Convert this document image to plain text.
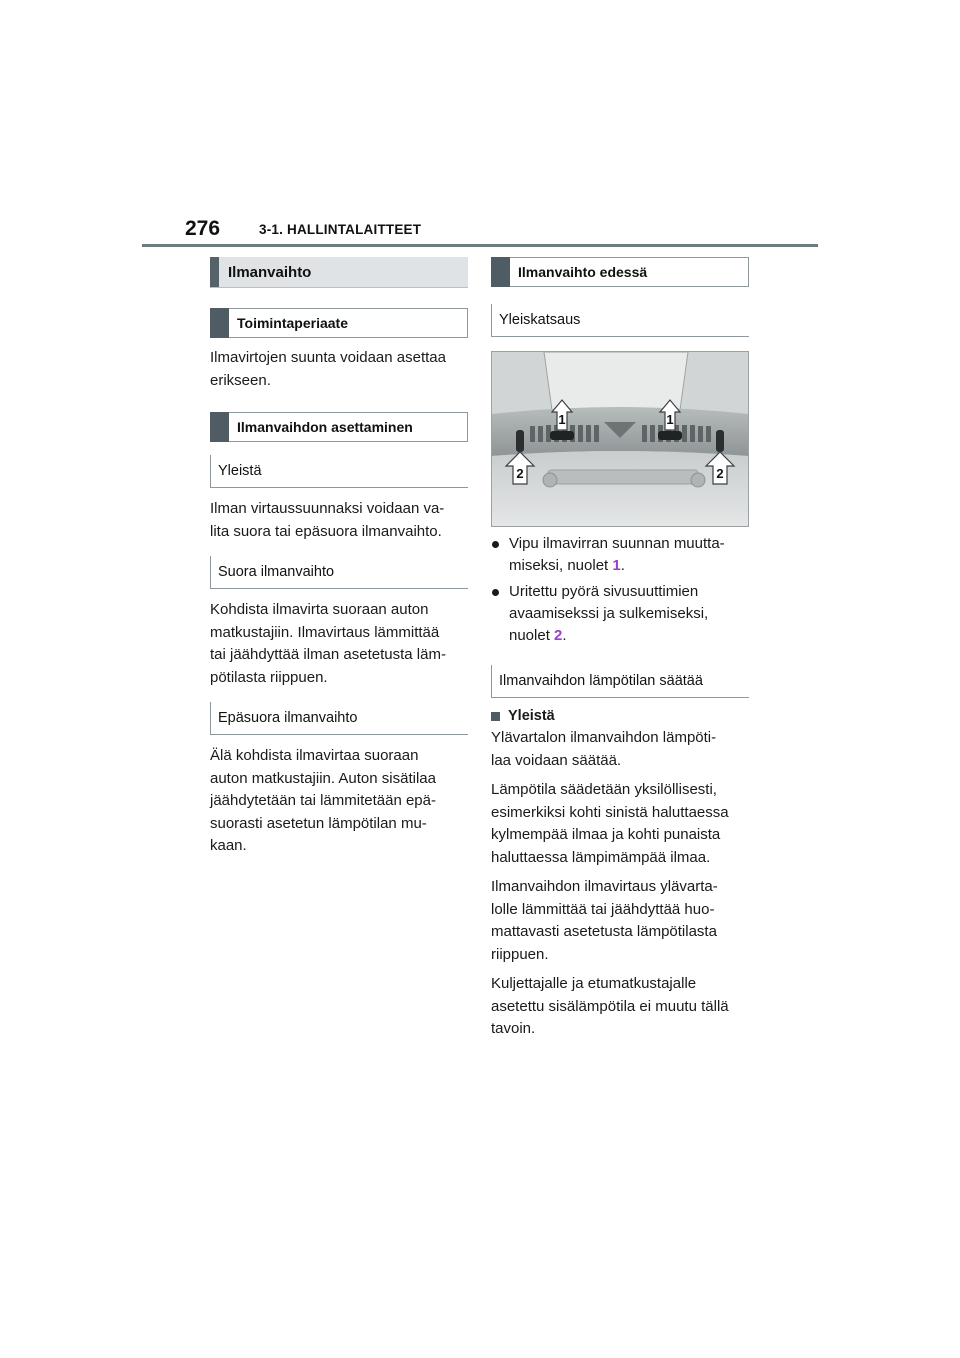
276	3-1. HALLINTALAITTEET
Ilmanvaihto
Toimintaperiaate
Ilmavirtojen suunta voidaan asettaa
erikseen.
Ilmanvaihdon asettaminen
Yleistä
Ilman virtaussuunnaksi voidaan va-
lita suora tai epäsuora ilmanvaihto.
Suora ilmanvaihto
Kohdista ilmavirta suoraan auton
matkustajiin. Ilmavirtaus lämmittää
tai jäähdyttää ilman asetetusta läm-
pötilasta riippuen.
Epäsuora ilmanvaihto
Älä kohdista ilmavirtaa suoraan
auton matkustajiin. Auton sisätilaa
jäähdytetään tai lämmitetään epä-
suorasti asetetun lämpötilan mu-
kaan.
Ilmanvaihto edessä
Yleiskatsaus
1	1
2	2
Vipu ilmavirran suunnan muutta-
miseksi, nuolet 1.
Uritettu pyörä sivusuuttimien
avaamisekssi ja sulkemiseksi,
nuolet 2.
Ilmanvaihdon lämpötilan säätää
Yleistä
Ylävartalon ilmanvaihdon lämpöti-
laa voidaan säätää.
Lämpötila säädetään yksilöllisesti,
esimerkiksi kohti sinistä haluttaessa
kylmempää ilmaa ja kohti punaista
haluttaessa lämpimämpää ilmaa.
Ilmanvaihdon ilmavirtaus ylävarta-
lolle lämmittää tai jäähdyttää huo-
mattavasti asetetusta lämpötilasta
riippuen.
Kuljettajalle ja etumatkustajalle
asetettu sisälämpötila ei muutu tällä
tavoin.
